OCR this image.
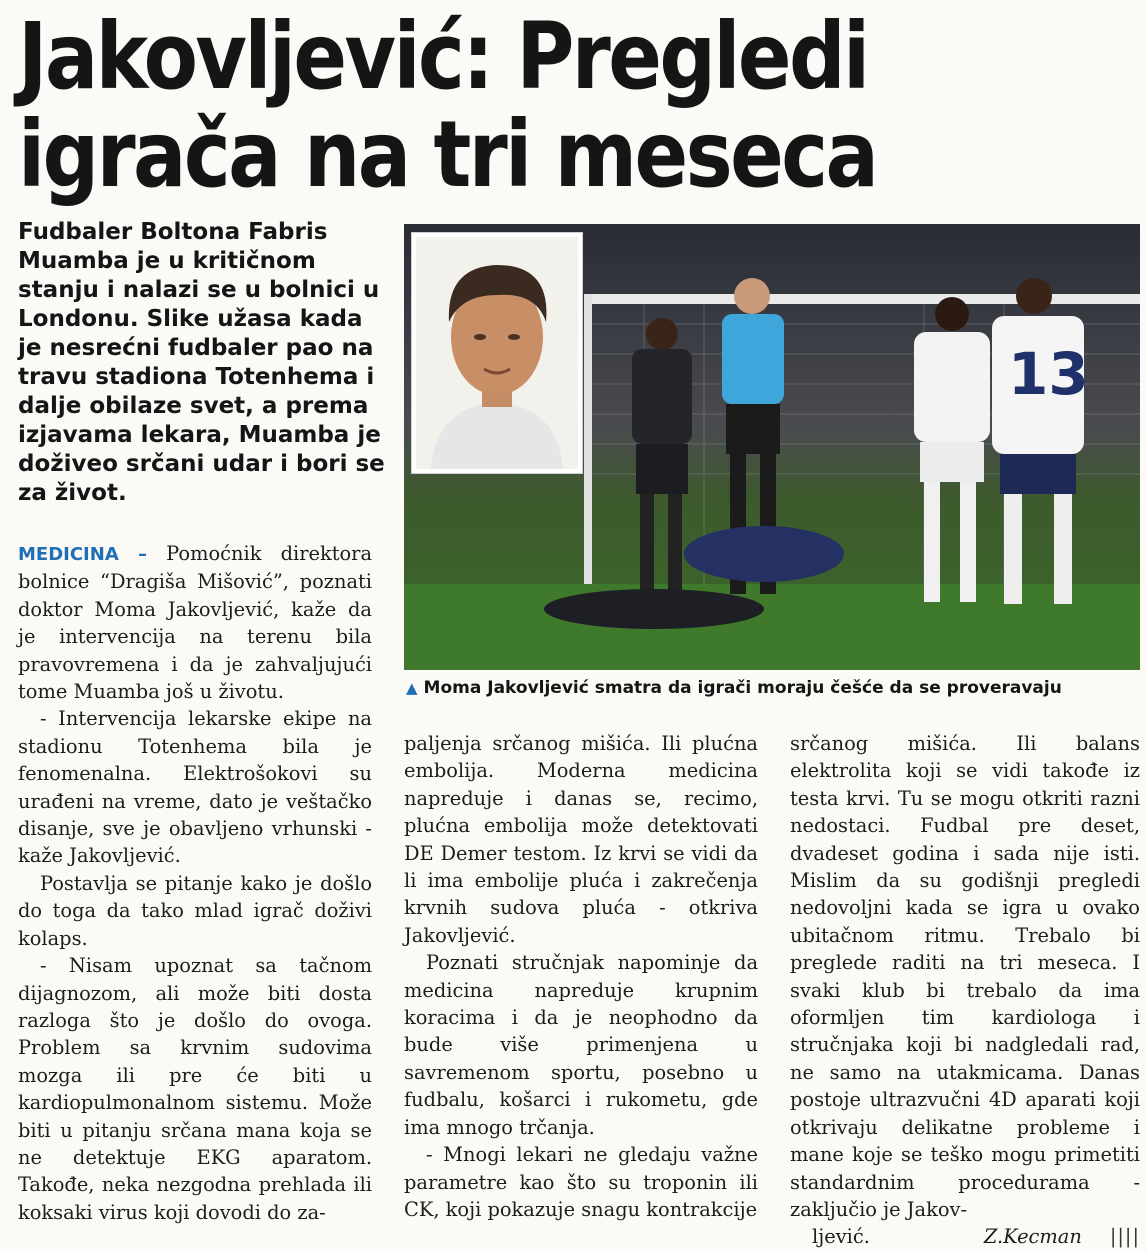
Jakovljević: Pregledi
igrača na tri meseca
Fudbaler Boltona Fabris Muamba je u kritičnom stanju i nalazi se u bolnici u Londonu. Slike užasa kada je nesrećni fudbaler pao na travu stadiona Totenhema i dalje obilaze svet, a prema izjavama lekara, Muamba je doživeo srčani udar i bori se za život.
13
▲ Moma Jakovljević smatra da igrači moraju češće da se proveravaju

MEDICINA – Pomoćnik direktora bolnice “Dragiša Mišović”, poznati doktor Moma Jakovljević, kaže da je intervencija na terenu bila pravovremena i da je zahvaljujući tome Muamba još u životu.

- Intervencija lekarske ekipe na stadionu Totenhema bila je fenomenalna. Elektrošokovi su urađeni na vreme, dato je veštačko disanje, sve je obavljeno vrhunski - kaže Jakovljević.

Postavlja se pitanje kako je došlo do toga da tako mlad igrač doživi kolaps.

- Nisam upoznat sa tačnom dijagnozom, ali može biti dosta razloga što je došlo do ovoga. Problem sa krvnim sudovima mozga ili pre će biti u kardiopulmonalnom sistemu. Može biti u pitanju srčana mana koja se ne detektuje EKG aparatom. Takođe, neka nezgodna prehlada ili koksaki virus koji dovodi do za-

paljenja srčanog mišića. Ili plućna embolija. Moderna medicina napreduje i danas se, recimo, plućna embolija može detektovati DE Demer testom. Iz krvi se vidi da li ima embolije pluća i zakrečenja krvnih sudova pluća - otkriva Jakovljević.

Poznati stručnjak napominje da medicina napreduje krupnim koracima i da je neophodno da bude više primenjena u savremenom sportu, posebno u fudbalu, košarci i rukometu, gde ima mnogo trčanja.

- Mnogi lekari ne gledaju važne parametre kao što su troponin ili CK, koji pokazuje snagu kontrakcije

srčanog mišića. Ili balans elektrolita koji se vidi takođe iz testa krvi. Tu se mogu otkriti razni nedostaci. Fudbal pre deset, dvadeset godina i sada nije isti. Mislim da su godišnji pregledi nedovoljni kada se igra u ovako ubitačnom ritmu. Trebalo bi preglede raditi na tri meseca. I svaki klub bi trebalo da ima oformljen tim kardiologa i stručnjaka koji bi nadgledali rad, ne samo na utakmicama. Danas postoje ultrazvučni 4D aparati koji otkrivaju delikatne probleme i mane koje se teško mogu primetiti standardnim procedurama - zaključio je Jakov-

ljević.	Z.Kecman ||||
